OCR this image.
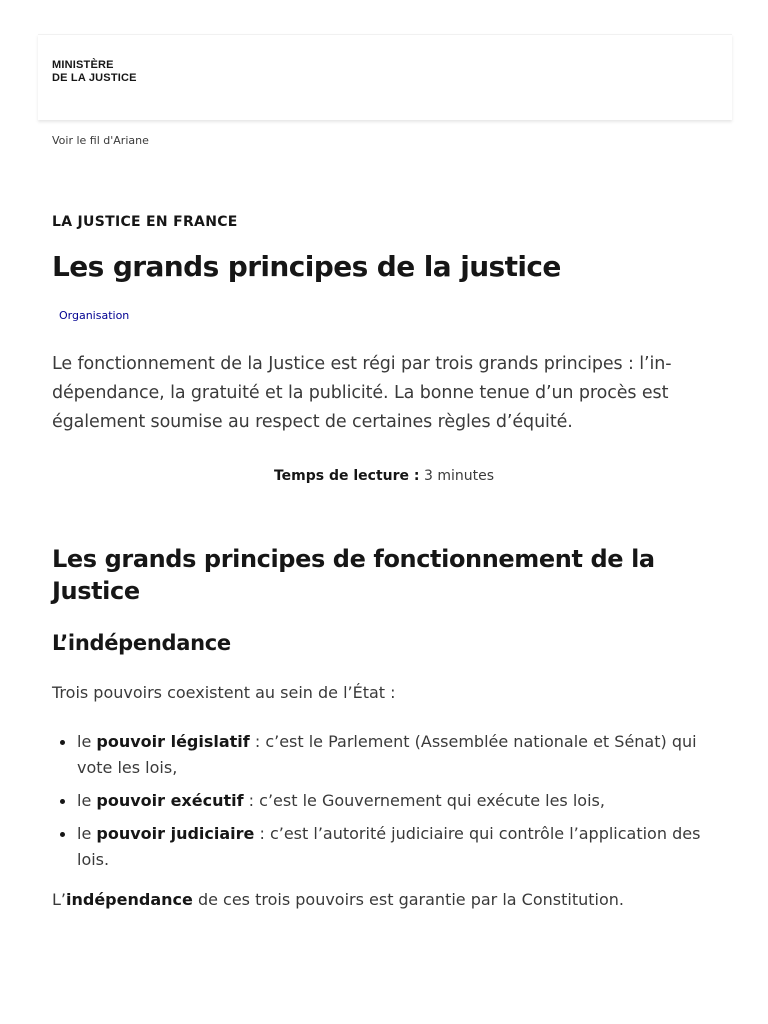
MINISTÈRE
DE LA JUSTICE
Voir le fil d'Ariane
LA JUSTICE EN FRANCE
Les grands principes de la justice
Organisation

Le fonctionnement de la Justice est régi par trois grands principes : l’in-dépendance, la gratuité et la publicité. La bonne tenue d’un procès est également soumise au respect de certaines règles d’équité.

Temps de lecture : 3 minutes
Les grands principes de fonctionnement de la Justice
L’indépendance

Trois pouvoirs coexistent au sein de l’État :

le pouvoir législatif : c’est le Parlement (Assemblée nationale et Sénat) qui vote les lois,
le pouvoir exécutif : c’est le Gouvernement qui exécute les lois,
le pouvoir judiciaire : c’est l’autorité judiciaire qui contrôle l’application des lois.

L’indépendance de ces trois pouvoirs est garantie par la Constitution.
